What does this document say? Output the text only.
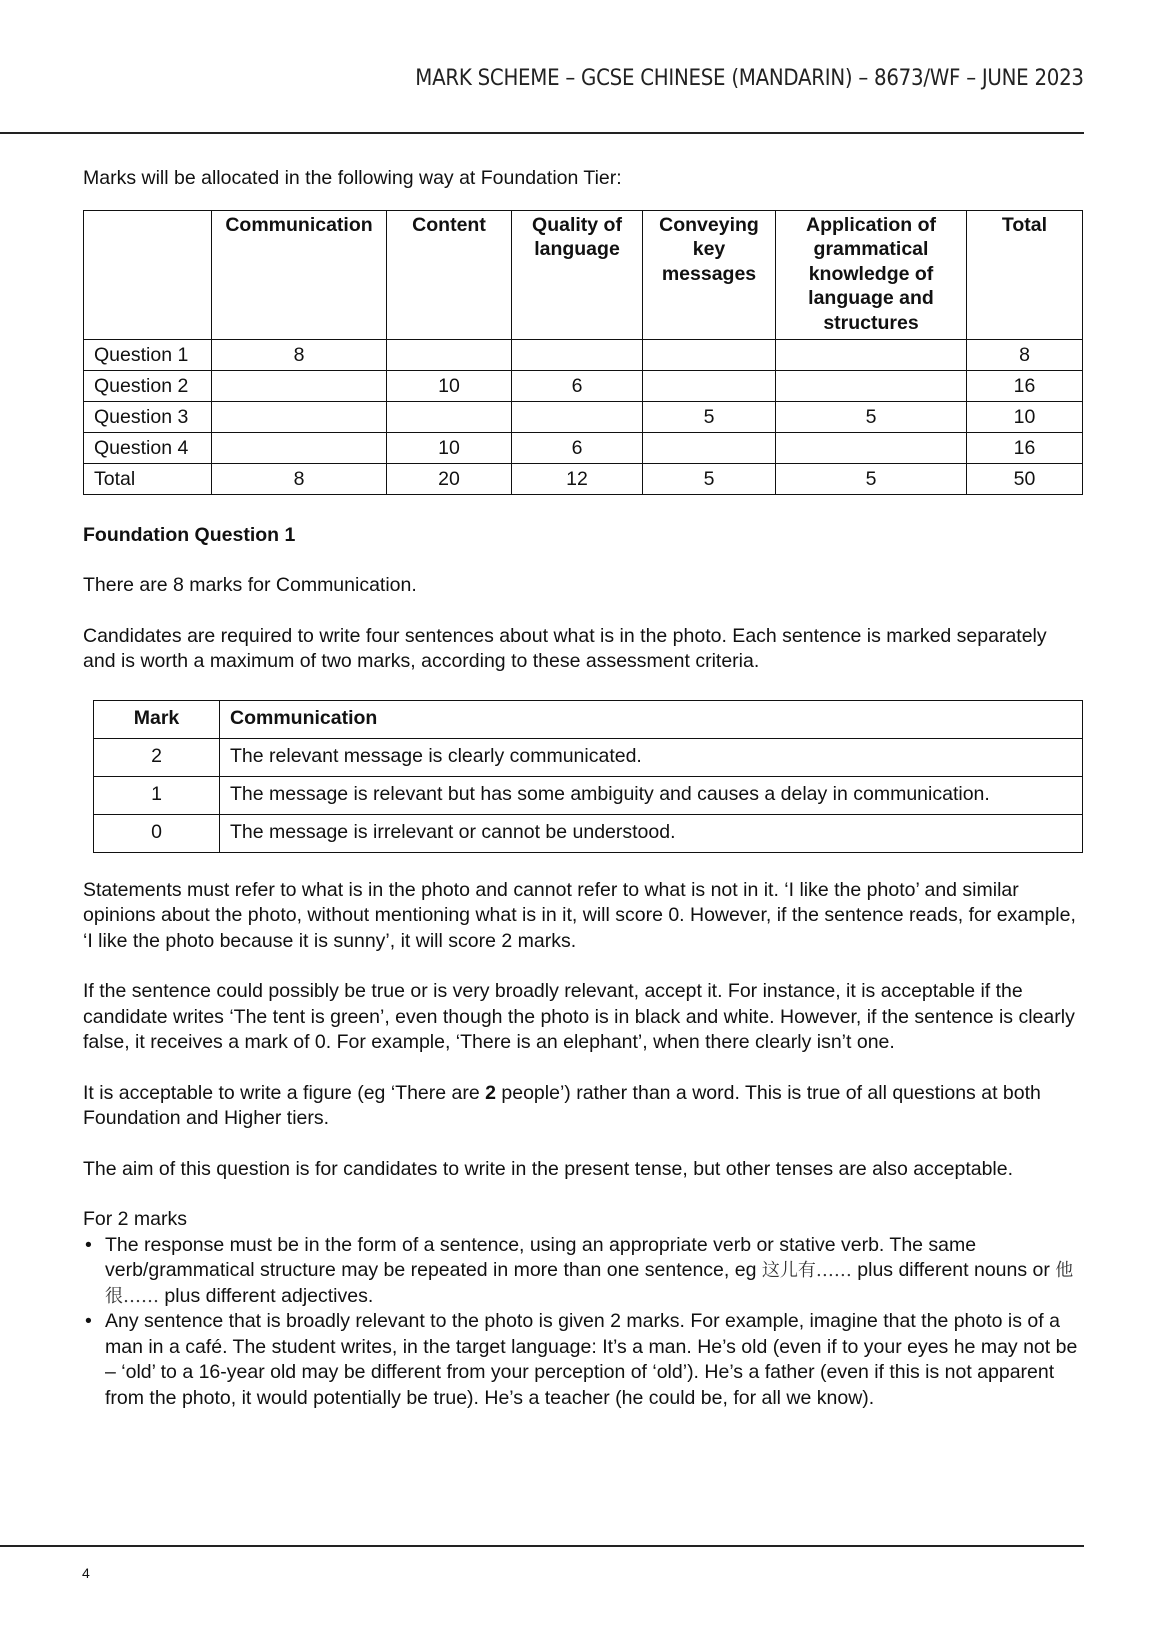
MARK SCHEME – GCSE CHINESE (MANDARIN) – 8673/WF – JUNE 2023

Marks will be allocated in the following way at Foundation Tier:

	Communication	Content	Quality of language	Conveying key messages	Application of grammatical knowledge of language and structures	Total
Question 1	8					8
Question 2		10	6			16
Question 3				5	5	10
Question 4		10	6			16
Total	8	20	12	5	5	50

Foundation Question 1

There are 8 marks for Communication.

Candidates are required to write four sentences about what is in the photo. Each sentence is marked separately and is worth a maximum of two marks, according to these assessment criteria.

Mark	Communication
2	The relevant message is clearly communicated.
1	The message is relevant but has some ambiguity and causes a delay in communication.
0	The message is irrelevant or cannot be understood.

Statements must refer to what is in the photo and cannot refer to what is not in it. ‘I like the photo’ and similar opinions about the photo, without mentioning what is in it, will score 0. However, if the sentence reads, for example, ‘I like the photo because it is sunny’, it will score 2 marks.

If the sentence could possibly be true or is very broadly relevant, accept it. For instance, it is acceptable if the candidate writes ‘The tent is green’, even though the photo is in black and white. However, if the sentence is clearly false, it receives a mark of 0. For example, ‘There is an elephant’, when there clearly isn’t one.

It is acceptable to write a figure (eg ‘There are 2 people’) rather than a word. This is true of all questions at both Foundation and Higher tiers.

The aim of this question is for candidates to write in the present tense, but other tenses are also acceptable.

For 2 marks

• The response must be in the form of a sentence, using an appropriate verb or stative verb. The same verb/grammatical structure may be repeated in more than one sentence, eg 这儿有…… plus different nouns or 他很…… plus different adjectives.
• Any sentence that is broadly relevant to the photo is given 2 marks. For example, imagine that the photo is of a man in a café. The student writes, in the target language: It’s a man. He’s old (even if to your eyes he may not be – ‘old’ to a 16-year old may be different from your perception of ‘old’). He’s a father (even if this is not apparent from the photo, it would potentially be true). He’s a teacher (he could be, for all we know).
4
